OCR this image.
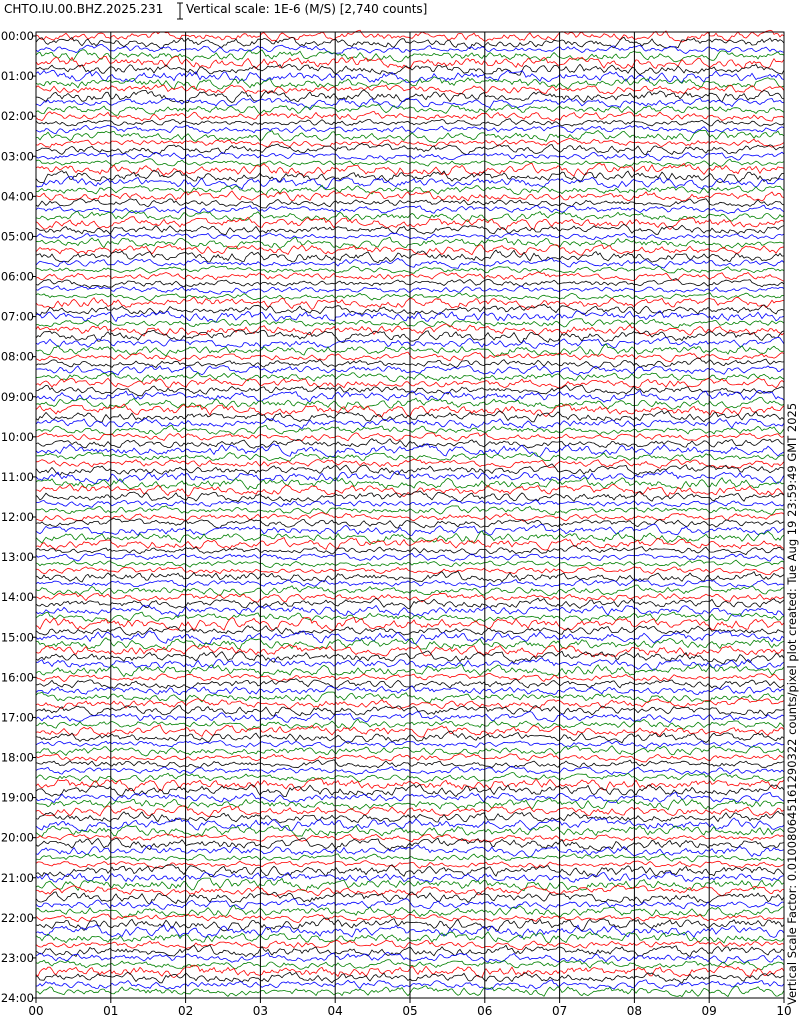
CHTO.IU.00.BHZ.2025.231 Vertical scale: 1E-6 (M/S) [2,740 counts]
00	01	02	03	04	05	06	07	08	09	10
00:00
01:00
02:00
03:00
04:00
05:00
06:00
07:00
08:00
09:00
10:00
11:00
12:00
13:00
14:00
15:00
16:00
17:00
18:00
19:00
20:00
21:00
22:00
23:00
24:00	Vertical Scale Factor: 0.0100806451612903​22 counts/pixel plot created: Tue Aug 19 23:59:49 GMT 2025
